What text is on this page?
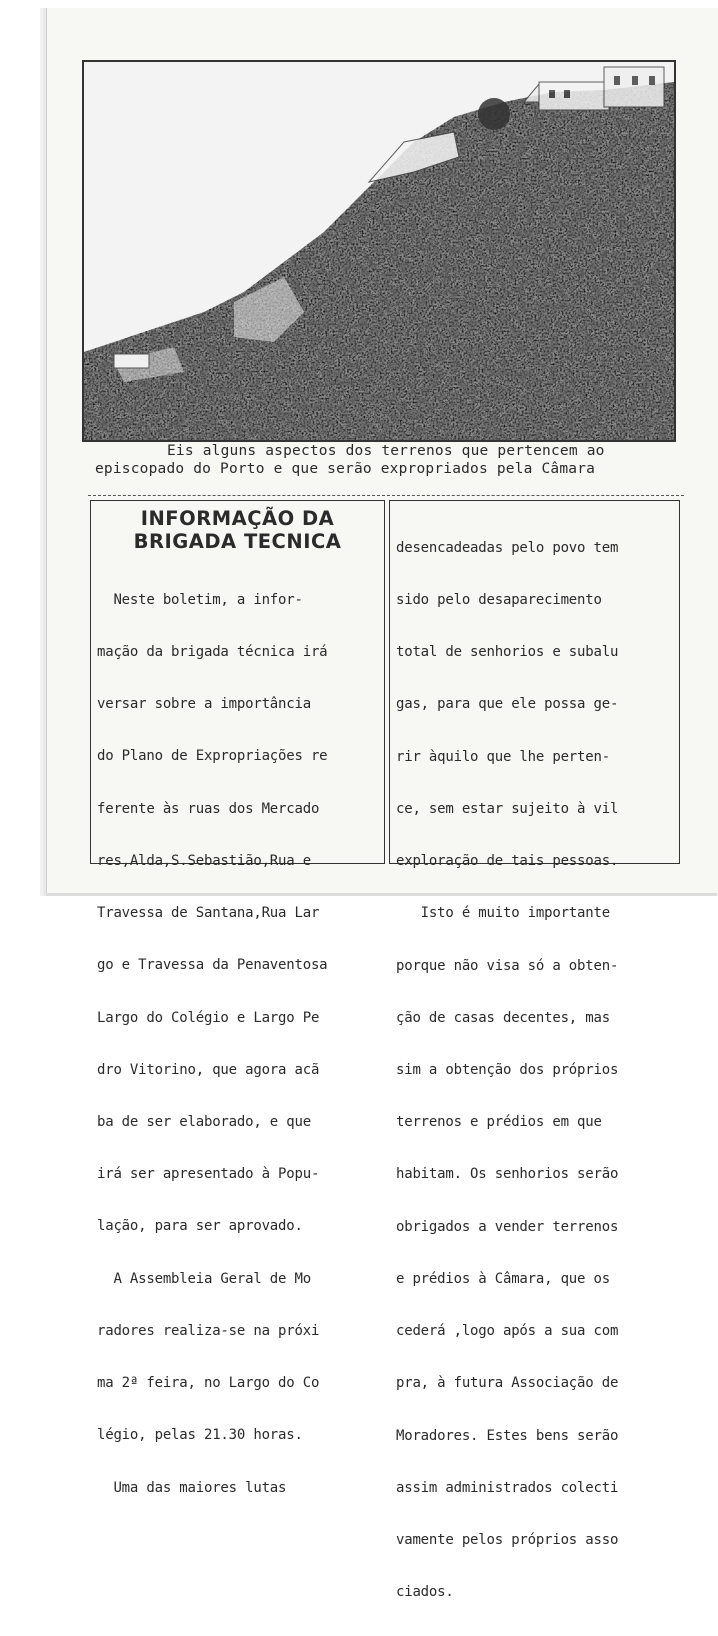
Eis alguns aspectos dos terrenos que pertencem ao
episcopado do Porto e que serão expropriados pela Câmara
INFORMAÇÃO DA
BRIGADA TECNICA

Neste boletim, a infor-

mação da brigada técnica irá

versar sobre a importância

do Plano de Expropriações re

ferente às ruas dos Mercado

res,Alda,S.Sebastião,Rua e

Travessa de Santana,Rua Lar

go e Travessa da Penaventosa

Largo do Colégio e Largo Pe

dro Vitorino, que agora acã

ba de ser elaborado, e que

irá ser apresentado à Popu-

lação, para ser aprovado.

A Assembleia Geral de Mo

radores realiza-se na próxi

ma 2ª feira, no Largo do Co

légio, pelas 21.30 horas.

Uma das maiores lutas

desencadeadas pelo povo tem

sido pelo desaparecimento

total de senhorios e subalu

gas, para que ele possa ge-

rir àquilo que lhe perten-

ce, sem estar sujeito à vil

exploração de tais pessoas.

Isto é muito importante

porque não visa só a obten-

ção de casas decentes, mas

sim a obtenção dos próprios

terrenos e prédios em que

habitam. Os senhorios serão

obrigados a vender terrenos

e prédios à Câmara, que os

cederá ,logo após a sua com

pra, à futura Associação de

Moradores. Estes bens serão

assim administrados colecti

vamente pelos próprios asso

ciados.
